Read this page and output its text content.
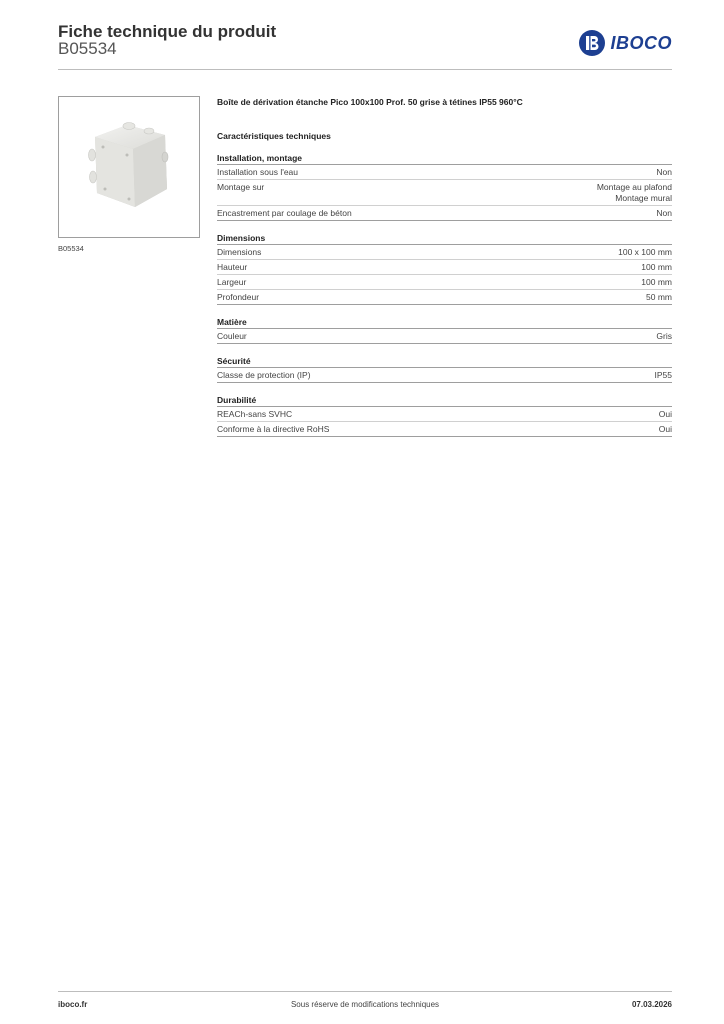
Fiche technique du produit
B05534	IBOCO
B05534
Boîte de dérivation étanche Pico 100x100 Prof. 50 grise à tétines IP55 960°C
Caractéristiques techniques
Installation, montage
Installation sous l'eau	Non
Montage sur	Montage au plafond
Montage mural
Encastrement par coulage de béton	Non
Dimensions
Dimensions	100 x 100 mm
Hauteur	100 mm
Largeur	100 mm
Profondeur	50 mm
Matière
Couleur	Gris
Sécurité
Classe de protection (IP)	IP55
Durabilité
REACh-sans SVHC	Oui
Conforme à la directive RoHS	Oui
iboco.fr	Sous réserve de modifications techniques	07.03.2026
